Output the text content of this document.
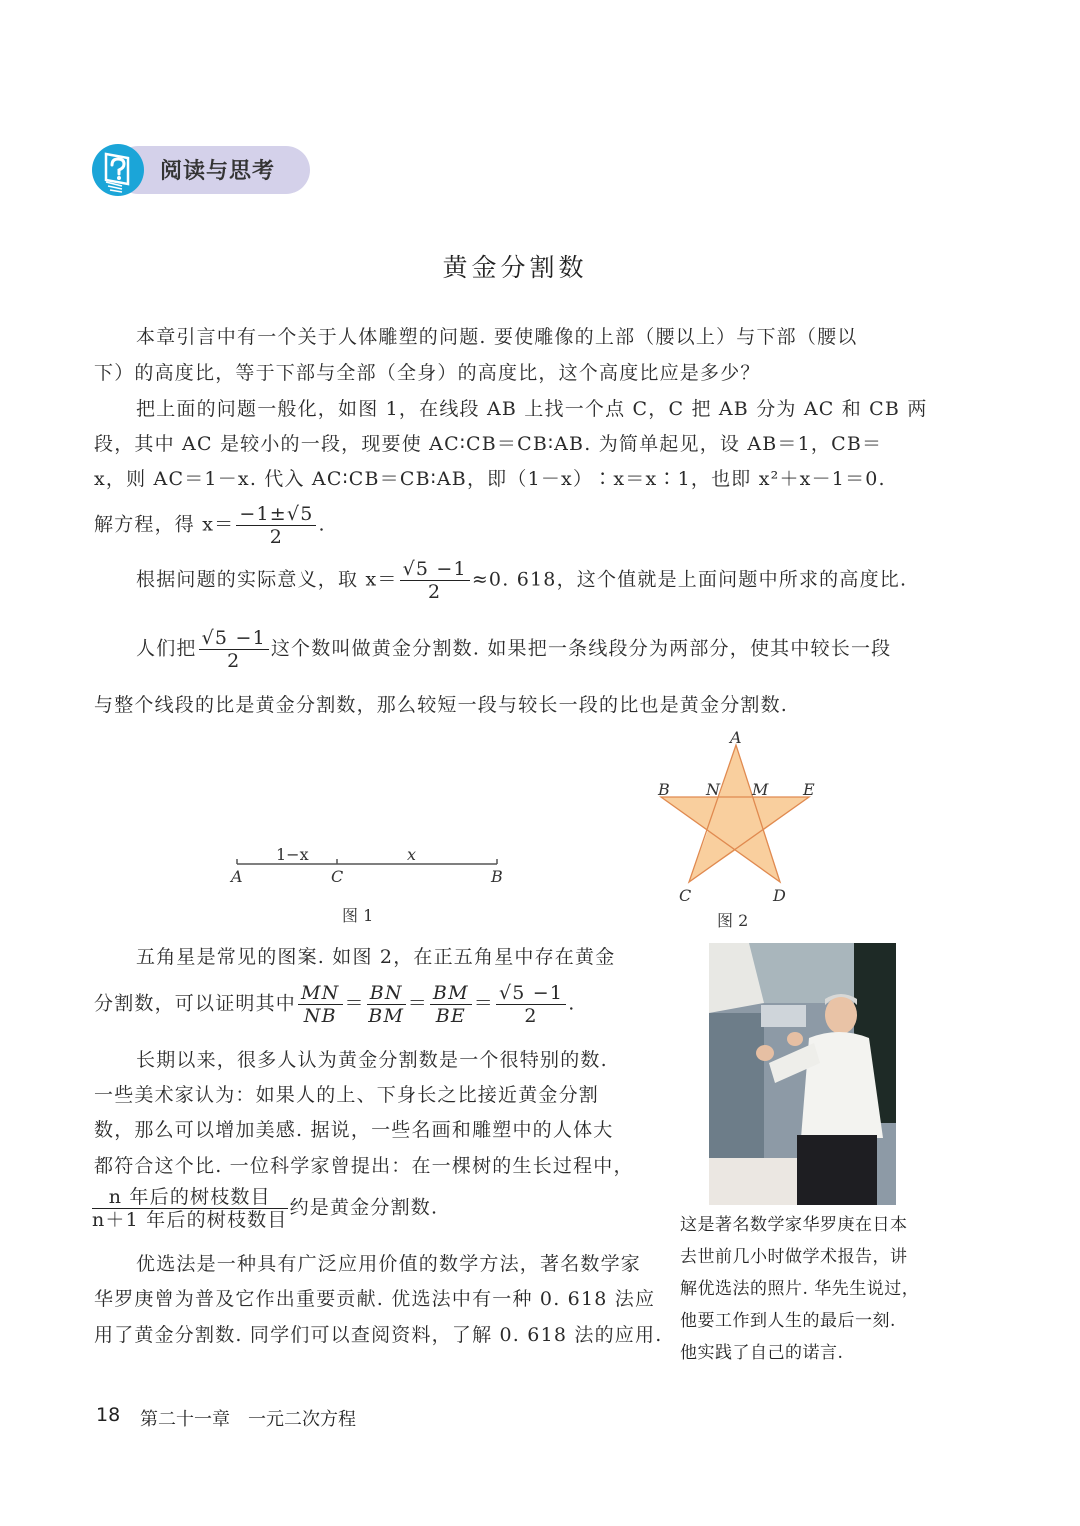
阅读与思考
黄金分割数
本章引言中有一个关于人体雕塑的问题. 要使雕像的上部（腰以上）与下部（腰以
下）的高度比，等于下部与全部（全身）的高度比，这个高度比应是多少？
把上面的问题一般化，如图 1，在线段 AB 上找一个点 C，C 把 AB 分为 AC 和 CB 两
段，其中 AC 是较小的一段，现要使 AC∶CB＝CB∶AB. 为简单起见，设 AB＝1，CB＝
x，则 AC＝1－x. 代入 AC∶CB＝CB∶AB，即（1－x）∶x＝x∶1，也即 x²＋x－1＝0.
解方程，得 $x= \frac{-1\pm√5}{2}$ .
根据问题的实际意义，取 $x= \frac{√5 -1}{2} \approx 0$. 618，这个值就是上面问题中所求的高度比.
人们把 $\frac{√5 -1}{2}$ 这个数叫做黄金分割数. 如果把一条线段分为两部分，使其中较长一段
与整个线段的比是黄金分割数，那么较短一段与较长一段的比也是黄金分割数.
1−x	x
A	C	B
图 1
A
B N M E
C	D
图 2
五角星是常见的图案. 如图 2，在正五角星中存在黄金
分割数，可以证明其中 $\frac{MN}{NB} = \frac{BN}{BM} = \frac{BM}{BE} = \frac{√5 -1}{2}$ .
长期以来，很多人认为黄金分割数是一个很特别的数.
一些美术家认为：如果人的上、下身长之比接近黄金分割
数，那么可以增加美感. 据说，一些名画和雕塑中的人体大
都符合这个比. 一位科学家曾提出：在一棵树的生长过程中，
$\frac{\text{n 年后的树枝数目}}{\text{n＋1 年后的树枝数目}}$ 约是黄金分割数.
优选法是一种具有广泛应用价值的数学方法，著名数学家
华罗庚曾为普及它作出重要贡献. 优选法中有一种 0. 618 法应
用了黄金分割数. 同学们可以查阅资料，了解 0. 618 法的应用.
这是著名数学家华罗庚在日本
去世前几小时做学术报告，讲
解优选法的照片. 华先生说过，
他要工作到人生的最后一刻.
他实践了自己的诺言.
18 第二十一章　一元二次方程
